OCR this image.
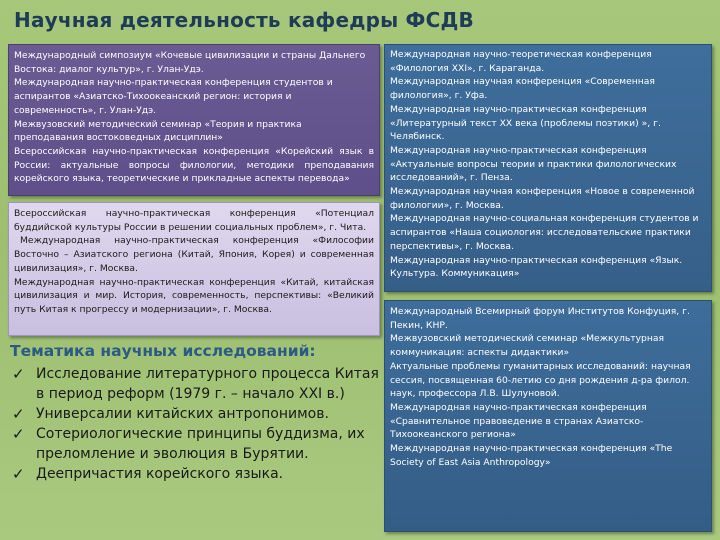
Научная деятельность кафедры ФСДВ

Международный симпозиум «Кочевые цивилизации и страны Дальнего Востока: диалог культур», г. Улан-Удэ.

Международная научно-практическая конференция студентов и аспирантов «Азиатско-Тихоокеанский регион: история и современность», г. Улан-Удэ.

Межвузовский методический семинар «Теория и практика преподавания востоковедных дисциплин»

Всероссийская научно-практическая конференция «Корейский язык в России: актуальные вопросы филологии, методики преподавания корейского языка, теоретические и прикладные аспекты перевода»

Всероссийская научно-практическая конференция «Потенциал буддийской культуры России в решении социальных проблем», г. Чита.

Международная научно-практическая конференция «Философии Восточно – Азиатского региона (Китай, Япония, Корея) и современная цивилизация», г. Москва.

Международная научно-практическая конференция «Китай, китайская цивилизация и мир. История, современность, перспективы: «Великий путь Китая к прогрессу и модернизации», г. Москва.

Международная научно-теоретическая конференция «Филология XXI», г. Караганда.

Международная научная конференция «Современная филология», г. Уфа.

Международная научно-практическая конференция «Литературный текст XX века (проблемы поэтики) », г. Челябинск.

Международная научно-практическая конференция «Актуальные вопросы теории и практики филологических исследований», г. Пенза.

Международная научная конференция «Новое в современной филологии», г. Москва.

Международная научно-социальная конференция студентов и аспирантов «Наша социология: исследовательские практики перспективы», г. Москва.

Международная научно-практическая конференция «Язык. Культура. Коммуникация»

Международный Всемирный форум Институтов Конфуция, г. Пекин, КНР.

Межвузовский методический семинар «Межкультурная коммуникация: аспекты дидактики»

Актуальные проблемы гуманитарных исследований: научная сессия, посвященная 60-летию со дня рождения д-ра филол. наук, профессора Л.В. Шулуновой.

Международная научно-практическая конференция «Сравнительное правоведение в странах Азиатско-Тихоокеанского региона»

Международная научно-практическая конференция «The Society of East Asia Anthropology»

Тематика научных исследований:
✓ Исследование литературного процесса Китая в период реформ (1979 г. – начало XXI в.)
✓ Универсалии китайских антропонимов.
✓ Сотериологические принципы буддизма, их преломление и эволюция в Бурятии.
✓ Деепричастия корейского языка.
